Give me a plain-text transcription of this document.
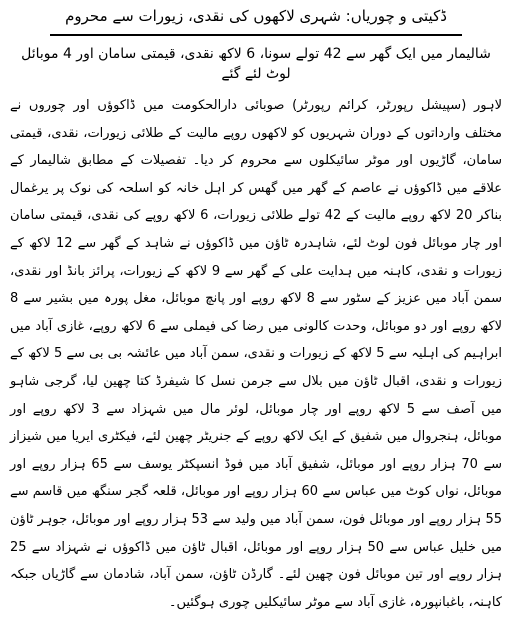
ڈکیتی و چوریاں: شہری لاکھوں کی نقدی، زیورات سے محروم
شالیمار میں ایک گھر سے 42 تولے سونا، 6 لاکھ نقدی، قیمتی سامان اور 4 موبائل لوٹ لئے گئے

لاہور (سپیشل رپورٹر، کرائم رپورٹر) صوبائی دارالحکومت میں ڈاکوؤں اور چوروں نے مختلف وارداتوں کے دوران شہریوں کو لاکھوں روپے مالیت کے طلائی زیورات، نقدی، قیمتی سامان، گاڑیوں اور موٹر سائیکلوں سے محروم کر دیا۔ تفصیلات کے مطابق شالیمار کے علاقے میں ڈاکوؤں نے عاصم کے گھر میں گھس کر اہل خانہ کو اسلحہ کی نوک پر یرغمال بناکر 20 لاکھ روپے مالیت کے 42 تولے طلائی زیورات، 6 لاکھ روپے کی نقدی، قیمتی سامان اور چار موبائل فون لوٹ لئے، شاہدرہ ٹاؤن میں ڈاکوؤں نے شاہد کے گھر سے 12 لاکھ کے زیورات و نقدی، کاہنہ میں ہدایت علی کے گھر سے 9 لاکھ کے زیورات، پرائز بانڈ اور نقدی، سمن آباد میں عزیز کے سٹور سے 8 لاکھ روپے اور پانچ موبائل، مغل پورہ میں بشیر سے 8 لاکھ روپے اور دو موبائل، وحدت کالونی میں رضا کی فیملی سے 6 لاکھ روپے، غازی آباد میں ابراہیم کی اہلیہ سے 5 لاکھ کے زیورات و نقدی، سمن آباد میں عائشہ بی بی سے 5 لاکھ کے زیورات و نقدی، اقبال ٹاؤن میں بلال سے جرمن نسل کا شیفرڈ کتا چھین لیا، گرجی شاہو میں آصف سے 5 لاکھ روپے اور چار موبائل، لوئر مال میں شہزاد سے 3 لاکھ روپے اور موبائل، ہنجروال میں شفیق کے ایک لاکھ روپے کے جنریٹر چھین لئے، فیکٹری ایریا میں شیزاز سے 70 ہزار روپے اور موبائل، شفیق آباد میں فوڈ انسپکٹر یوسف سے 65 ہزار روپے اور موبائل، نواں کوٹ میں عباس سے 60 ہزار روپے اور موبائل، قلعہ گجر سنگھ میں قاسم سے 55 ہزار روپے اور موبائل فون، سمن آباد میں ولید سے 53 ہزار روپے اور موبائل، جوہر ٹاؤن میں خلیل عباس سے 50 ہزار روپے اور موبائل، اقبال ٹاؤن میں ڈاکوؤں نے شہزاد سے 25 ہزار روپے اور تین موبائل فون چھین لئے۔ گارڈن ٹاؤن، سمن آباد، شادمان سے گاڑیاں جبکہ کاہنہ، باغبانپورہ، غازی آباد سے موٹر سائیکلیں چوری ہوگئیں۔
